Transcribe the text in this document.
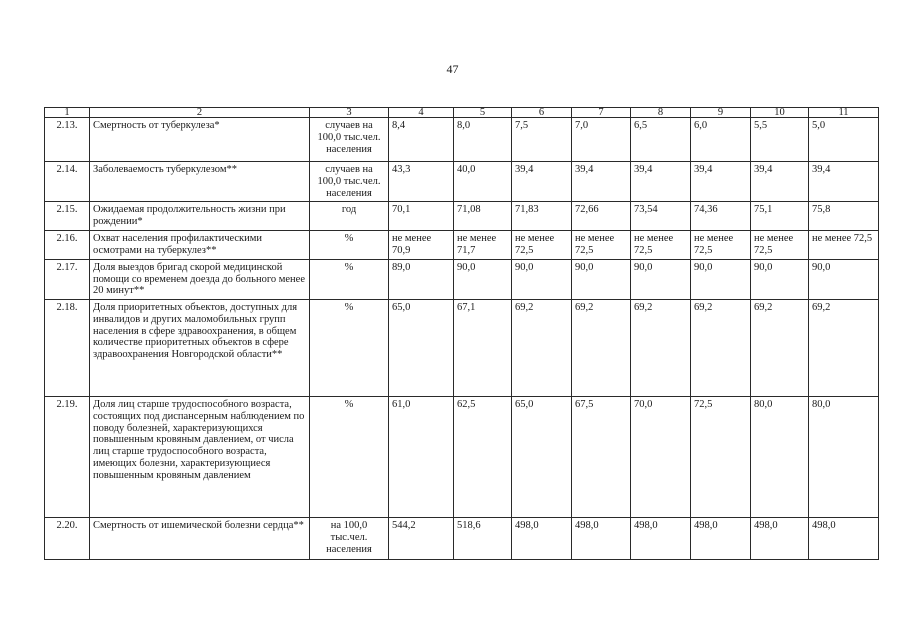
47
1	2	3	4	5	6	7	8	9	10	11
2.13.	Смертность от туберкулеза*	случаев на 100,0 тыс.чел. населения	8,4	8,0	7,5	7,0	6,5	6,0	5,5	5,0
2.14.	Заболеваемость туберкулезом**	случаев на 100,0 тыс.чел. населения	43,3	40,0	39,4	39,4	39,4	39,4	39,4	39,4
2.15.	Ожидаемая продолжительность жизни при рождении*	год	70,1	71,08	71,83	72,66	73,54	74,36	75,1	75,8
2.16.	Охват населения профилактическими осмотрами на туберкулез**	%	не менее 70,9	не менее 71,7	не менее 72,5	не менее 72,5	не менее 72,5	не менее 72,5	не менее 72,5	не менее 72,5
2.17.	Доля выездов бригад скорой медицинской помощи со временем доезда до больного менее 20 минут**	%	89,0	90,0	90,0	90,0	90,0	90,0	90,0	90,0
2.18.	Доля приоритетных объектов, доступных для инвалидов и других маломобильных групп населения в сфере здравоохранения, в общем количестве приоритетных объектов в сфере здравоохранения Новгородской области**	%	65,0	67,1	69,2	69,2	69,2	69,2	69,2	69,2
2.19.	Доля лиц старше трудоспособного возраста, состоящих под диспансерным наблюдением по поводу болезней, характеризующихся повышенным кровяным давлением, от числа лиц старше трудоспособного возраста, имеющих болезни, характеризующиеся повышенным кровяным давлением	%	61,0	62,5	65,0	67,5	70,0	72,5	80,0	80,0
2.20.	Смертность от ишемической болезни сердца**	на 100,0 тыс.чел. населения	544,2	518,6	498,0	498,0	498,0	498,0	498,0	498,0
